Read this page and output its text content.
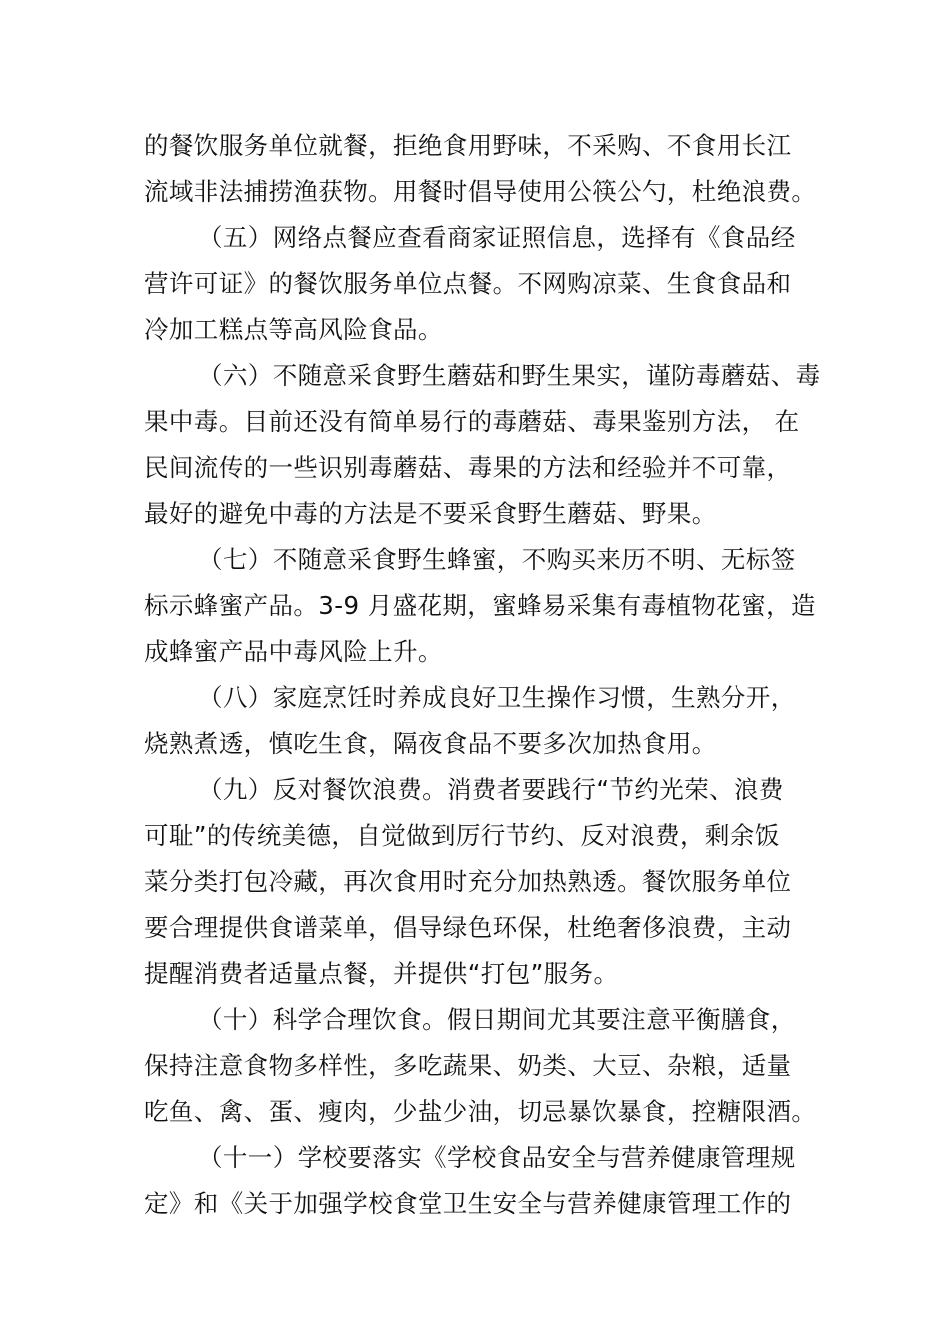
的餐饮服务单位就餐，拒绝食用野味，不采购、不食用长江
流域非法捕捞渔获物。用餐时倡导使用公筷公勺，杜绝浪费。
（五）网络点餐应查看商家证照信息，选择有《食品经
营许可证》的餐饮服务单位点餐。不网购凉菜、生食食品和
冷加工糕点等高风险食品。
（六）不随意采食野生蘑菇和野生果实，谨防毒蘑菇、毒
果中毒。目前还没有简单易行的毒蘑菇、毒果鉴别方法， 在
民间流传的一些识别毒蘑菇、毒果的方法和经验并不可靠，
最好的避免中毒的方法是不要采食野生蘑菇、野果。
（七）不随意采食野生蜂蜜，不购买来历不明、无标签
标示蜂蜜产品。3-9 月盛花期，蜜蜂易采集有毒植物花蜜，造
成蜂蜜产品中毒风险上升。
（八）家庭烹饪时养成良好卫生操作习惯，生熟分开，
烧熟煮透，慎吃生食，隔夜食品不要多次加热食用。
（九）反对餐饮浪费。消费者要践行“节约光荣、浪费
可耻”的传统美德，自觉做到厉行节约、反对浪费，剩余饭
菜分类打包冷藏，再次食用时充分加热熟透。餐饮服务单位
要合理提供食谱菜单，倡导绿色环保，杜绝奢侈浪费，主动
提醒消费者适量点餐，并提供“打包”服务。
（十）科学合理饮食。假日期间尤其要注意平衡膳食，
保持注意食物多样性，多吃蔬果、奶类、大豆、杂粮，适量
吃鱼、禽、蛋、瘦肉，少盐少油，切忌暴饮暴食，控糖限酒。
（十一）学校要落实《学校食品安全与营养健康管理规
定》和《关于加强学校食堂卫生安全与营养健康管理工作的
